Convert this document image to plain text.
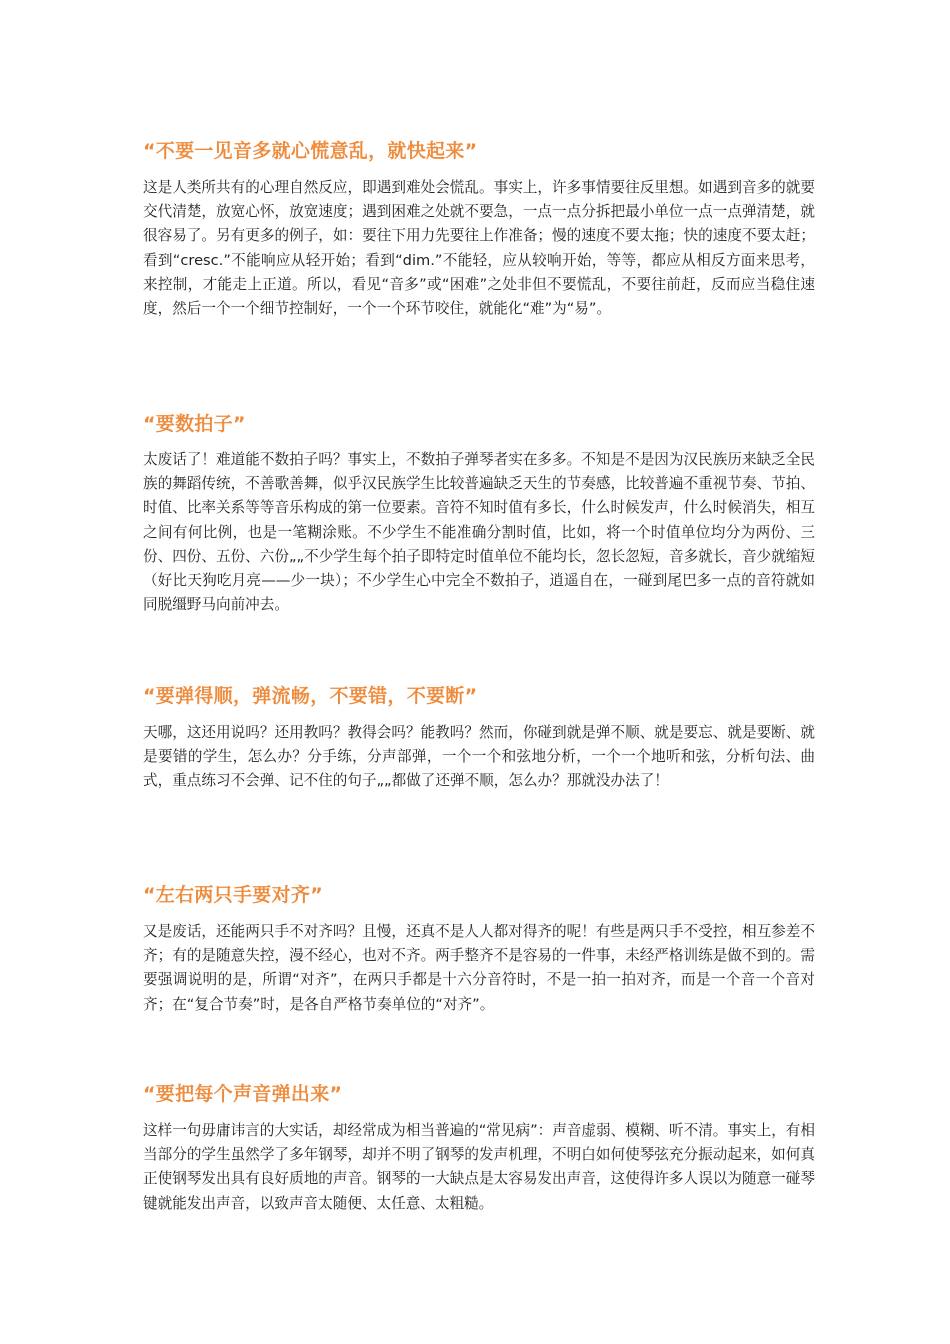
“不要一见音多就心慌意乱，就快起来”

这是人类所共有的心理自然反应，即遇到难处会慌乱。事实上，许多事情要往反里想。如遇到音多的就要交代清楚，放宽心怀，放宽速度；遇到困难之处就不要急，一点一点分拆把最小单位一点一点弹清楚，就很容易了。另有更多的例子，如：要往下用力先要往上作准备；慢的速度不要太拖；快的速度不要太赶；看到“cresc.”不能响应从轻开始；看到“dim.”不能轻，应从较响开始，等等，都应从相反方面来思考，来控制，才能走上正道。所以，看见“音多”或“困难”之处非但不要慌乱，不要往前赶，反而应当稳住速度，然后一个一个细节控制好，一个一个环节咬住，就能化“难”为“易”。

“要数拍子”

太废话了！难道能不数拍子吗？事实上，不数拍子弹琴者实在多多。不知是不是因为汉民族历来缺乏全民族的舞蹈传统，不善歌善舞，似乎汉民族学生比较普遍缺乏天生的节奏感，比较普遍不重视节奏、节拍、时值、比率关系等等音乐构成的第一位要素。音符不知时值有多长，什么时候发声，什么时候消失，相互之间有何比例，也是一笔糊涂账。不少学生不能准确分割时值，比如，将一个时值单位均分为两份、三份、四份、五份、六份„„不少学生每个拍子即特定时值单位不能均长，忽长忽短，音多就长，音少就缩短（好比天狗吃月亮——少一块）；不少学生心中完全不数拍子，逍遥自在，一碰到尾巴多一点的音符就如同脱缰野马向前冲去。

“要弹得顺，弹流畅，不要错，不要断”

天哪，这还用说吗？还用教吗？教得会吗？能教吗？然而，你碰到就是弹不顺、就是要忘、就是要断、就是要错的学生，怎么办？分手练，分声部弹，一个一个和弦地分析，一个一个地听和弦，分析句法、曲式，重点练习不会弹、记不住的句子„„都做了还弹不顺，怎么办？那就没办法了！

“左右两只手要对齐”

又是废话，还能两只手不对齐吗？且慢，还真不是人人都对得齐的呢！有些是两只手不受控，相互参差不齐；有的是随意失控，漫不经心，也对不齐。两手整齐不是容易的一件事，未经严格训练是做不到的。需要强调说明的是，所谓“对齐”，在两只手都是十六分音符时，不是一拍一拍对齐，而是一个音一个音对齐；在“复合节奏”时，是各自严格节奏单位的“对齐”。

“要把每个声音弹出来”

这样一句毋庸讳言的大实话，却经常成为相当普遍的“常见病”：声音虚弱、模糊、听不清。事实上，有相当部分的学生虽然学了多年钢琴，却并不明了钢琴的发声机理，不明白如何使琴弦充分振动起来，如何真正使钢琴发出具有良好质地的声音。钢琴的一大缺点是太容易发出声音，这使得许多人误以为随意一碰琴键就能发出声音，以致声音太随便、太任意、太粗糙。
